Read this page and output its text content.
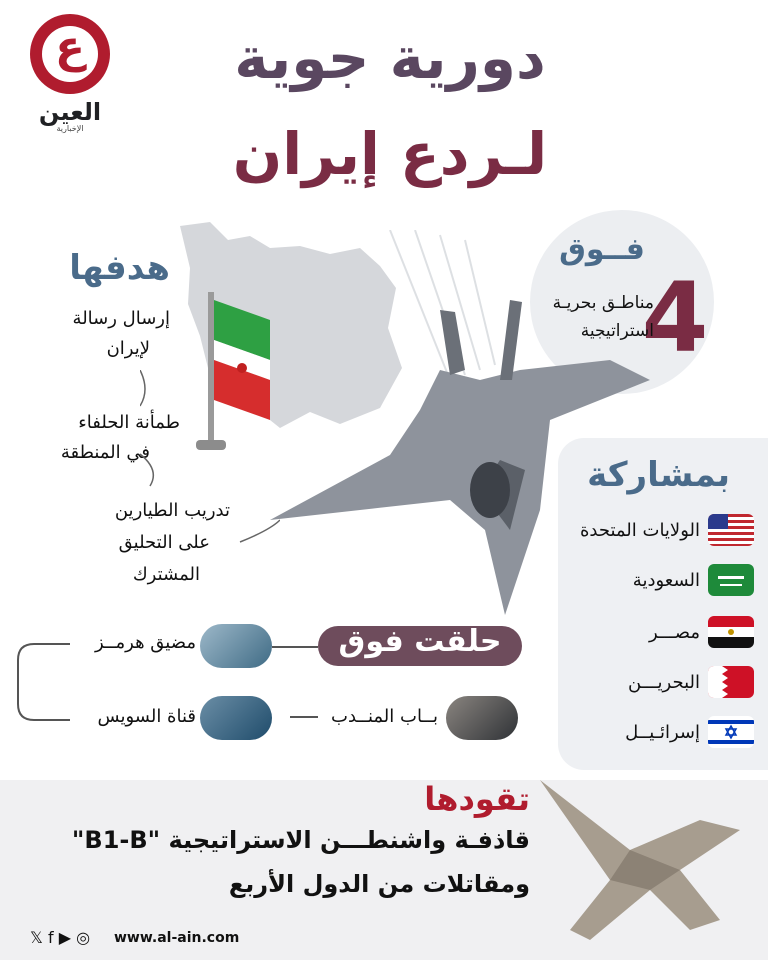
ع
العين
الإخبارية
دورية جوية
لـردع إيران
هدفها
إرسال رسالة
لإيران
طمأنة الحلفاء
في المنطقة
تدريب الطيارين
على التحليق
المشترك
فــوق
4
مناطـق بحريـة
استراتيجية
بمشاركة
الولايات المتحدة
السعودية
مصـــر
البحريـــن
إسرائـيــل
حلقت فوق
مضيق هرمــز
قناة السويس	بــاب المنــدب
تقودها
قاذفـة واشنطـــن الاستراتيجية "B1-B"
ومقاتلات من الدول الأربع
𝕏 f ▶ ◎ www.al-ain.com
